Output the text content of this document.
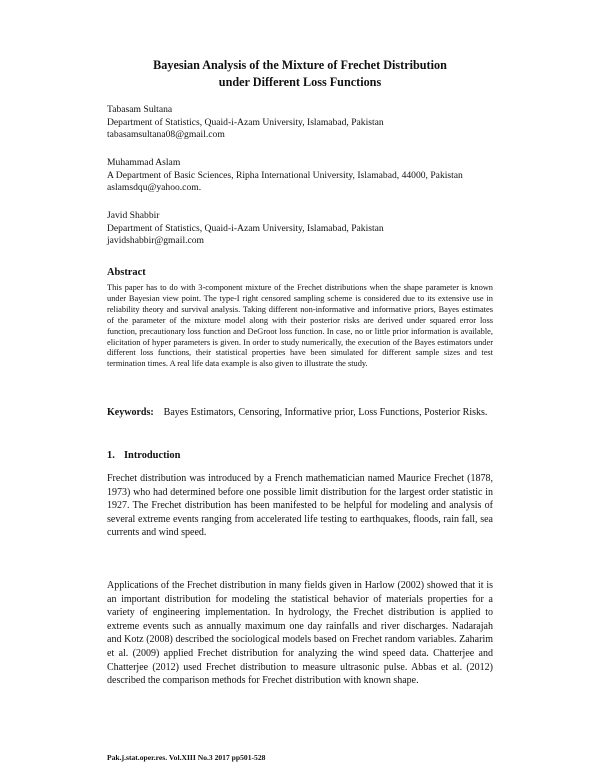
Bayesian Analysis of the Mixture of Frechet Distribution
under Different Loss Functions
Tabasam Sultana
Department of Statistics, Quaid-i-Azam University, Islamabad, Pakistan
tabasamsultana08@gmail.com
Muhammad Aslam
A Department of Basic Sciences, Ripha International University, Islamabad, 44000, Pakistan
aslamsdqu@yahoo.com.
Javid Shabbir
Department of Statistics, Quaid-i-Azam University, Islamabad, Pakistan
javidshabbir@gmail.com
Abstract
This paper has to do with 3-component mixture of the Frechet distributions when the shape parameter is known under Bayesian view point. The type-I right censored sampling scheme is considered due to its extensive use in reliability theory and survival analysis. Taking different non-informative and informative priors, Bayes estimates of the parameter of the mixture model along with their posterior risks are derived under squared error loss function, precautionary loss function and DeGroot loss function. In case, no or little prior information is available, elicitation of hyper parameters is given. In order to study numerically, the execution of the Bayes estimators under different loss functions, their statistical properties have been simulated for different sample sizes and test termination times. A real life data example is also given to illustrate the study.
Keywords: Bayes Estimators, Censoring, Informative prior, Loss Functions, Posterior Risks.
1. Introduction
Frechet distribution was introduced by a French mathematician named Maurice Frechet (1878, 1973) who had determined before one possible limit distribution for the largest order statistic in 1927. The Frechet distribution has been manifested to be helpful for modeling and analysis of several extreme events ranging from accelerated life testing to earthquakes, floods, rain fall, sea currents and wind speed.
Applications of the Frechet distribution in many fields given in Harlow (2002) showed that it is an important distribution for modeling the statistical behavior of materials properties for a variety of engineering implementation. In hydrology, the Frechet distribution is applied to extreme events such as annually maximum one day rainfalls and river discharges. Nadarajah and Kotz (2008) described the sociological models based on Frechet random variables. Zaharim et al. (2009) applied Frechet distribution for analyzing the wind speed data. Chatterjee and Chatterjee (2012) used Frechet distribution to measure ultrasonic pulse. Abbas et al. (2012) described the comparison methods for Frechet distribution with known shape.
Pak.j.stat.oper.res. Vol.XIII No.3 2017 pp501-528
